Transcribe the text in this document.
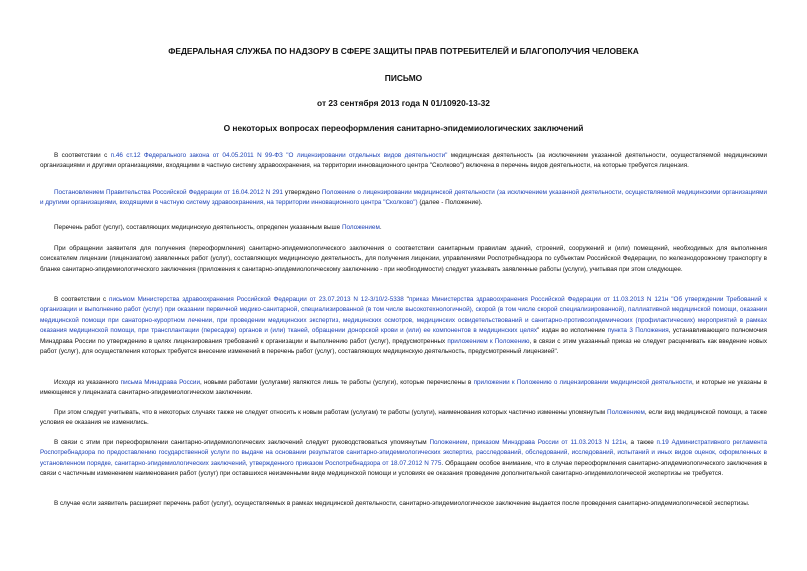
ФЕДЕРАЛЬНАЯ СЛУЖБА ПО НАДЗОРУ В СФЕРЕ ЗАЩИТЫ ПРАВ ПОТРЕБИТЕЛЕЙ И БЛАГОПОЛУЧИЯ ЧЕЛОВЕКА
ПИСЬМО
от 23 сентября 2013 года N 01/10920-13-32
О некоторых вопросах переоформления санитарно-эпидемиологических заключений

В соответствии с п.46 ст.12 Федерального закона от 04.05.2011 N 99-ФЗ "О лицензировании отдельных видов деятельности" медицинская деятельность (за исключением указанной деятельности, осуществляемой медицинскими организациями и другими организациями, входящими в частную систему здравоохранения, на территории инновационного центра "Сколково") включена в перечень видов деятельности, на которые требуется лицензия.

Постановлением Правительства Российской Федерации от 16.04.2012 N 291 утверждено Положение о лицензировании медицинской деятельности (за исключением указанной деятельности, осуществляемой медицинскими организациями и другими организациями, входящими в частную систему здравоохранения, на территории инновационного центра "Сколково") (далее - Положение).

Перечень работ (услуг), составляющих медицинскую деятельность, определен указанным выше Положением.

При обращении заявителя для получения (переоформления) санитарно-эпидемиологического заключения о соответствии санитарным правилам зданий, строений, сооружений и (или) помещений, необходимых для выполнения соискателем лицензии (лицензиатом) заявленных работ (услуг), составляющих медицинскую деятельность, для получения лицензии, управлениями Роспотребнадзора по субъектам Российской Федерации, по железнодорожному транспорту в бланке санитарно-эпидемиологического заключения (приложения к санитарно-эпидемиологическому заключению - при необходимости) следует указывать заявленные работы (услуги), учитывая при этом следующее.

В соответствии с письмом Министерства здравоохранения Российской Федерации от 23.07.2013 N 12-3/10/2-5338 "приказ Министерства здравоохранения Российской Федерации от 11.03.2013 N 121н "Об утверждении Требований к организации и выполнению работ (услуг) при оказании первичной медико-санитарной, специализированной (в том числе высокотехнологичной), скорой (в том числе скорой специализированной), паллиативной медицинской помощи, оказании медицинской помощи при санаторно-курортном лечении, при проведении медицинских экспертиз, медицинских осмотров, медицинских освидетельствований и санитарно-противоэпидемических (профилактических) мероприятий в рамках оказания медицинской помощи, при трансплантации (пересадке) органов и (или) тканей, обращении донорской крови и (или) ее компонентов в медицинских целях" издан во исполнение пункта 3 Положения, устанавливающего полномочия Минздрава России по утверждению в целях лицензирования требований к организации и выполнению работ (услуг), предусмотренных приложением к Положению, в связи с этим указанный приказ не следует расценивать как введение новых работ (услуг), для осуществления которых требуется внесение изменений в перечень работ (услуг), составляющих медицинскую деятельность, предусмотренный лицензией".

Исходя из указанного письма Минздрава России, новыми работами (услугами) являются лишь те работы (услуги), которые перечислены в приложении к Положению о лицензировании медицинской деятельности, и которые не указаны в имеющемся у лицензиата санитарно-эпидемиологическом заключении.

При этом следует учитывать, что в некоторых случаях также не следует относить к новым работам (услугам) те работы (услуги), наименования которых частично изменены упомянутым Положением, если вид медицинской помощи, а также условия ее оказания не изменились.

В связи с этим при переоформлении санитарно-эпидемиологических заключений следует руководствоваться упомянутым Положением, приказом Минздрава России от 11.03.2013 N 121н, а также п.19 Административного регламента Роспотребнадзора по предоставлению государственной услуги по выдаче на основании результатов санитарно-эпидемиологических экспертиз, расследований, обследований, исследований, испытаний и иных видов оценок, оформленных в установленном порядке, санитарно-эпидемиологических заключений, утвержденного приказом Роспотребнадзора от 18.07.2012 N 775. Обращаем особое внимание, что в случае переоформления санитарно-эпидемиологического заключения в связи с частичным изменением наименования работ (услуг) при оставшихся неизменными виде медицинской помощи и условиях ее оказания проведение дополнительной санитарно-эпидемиологической экспертизы не требуется.

В случае если заявитель расширяет перечень работ (услуг), осуществляемых в рамках медицинской деятельности, санитарно-эпидемиологическое заключение выдается после проведения санитарно-эпидемиологической экспертизы.
